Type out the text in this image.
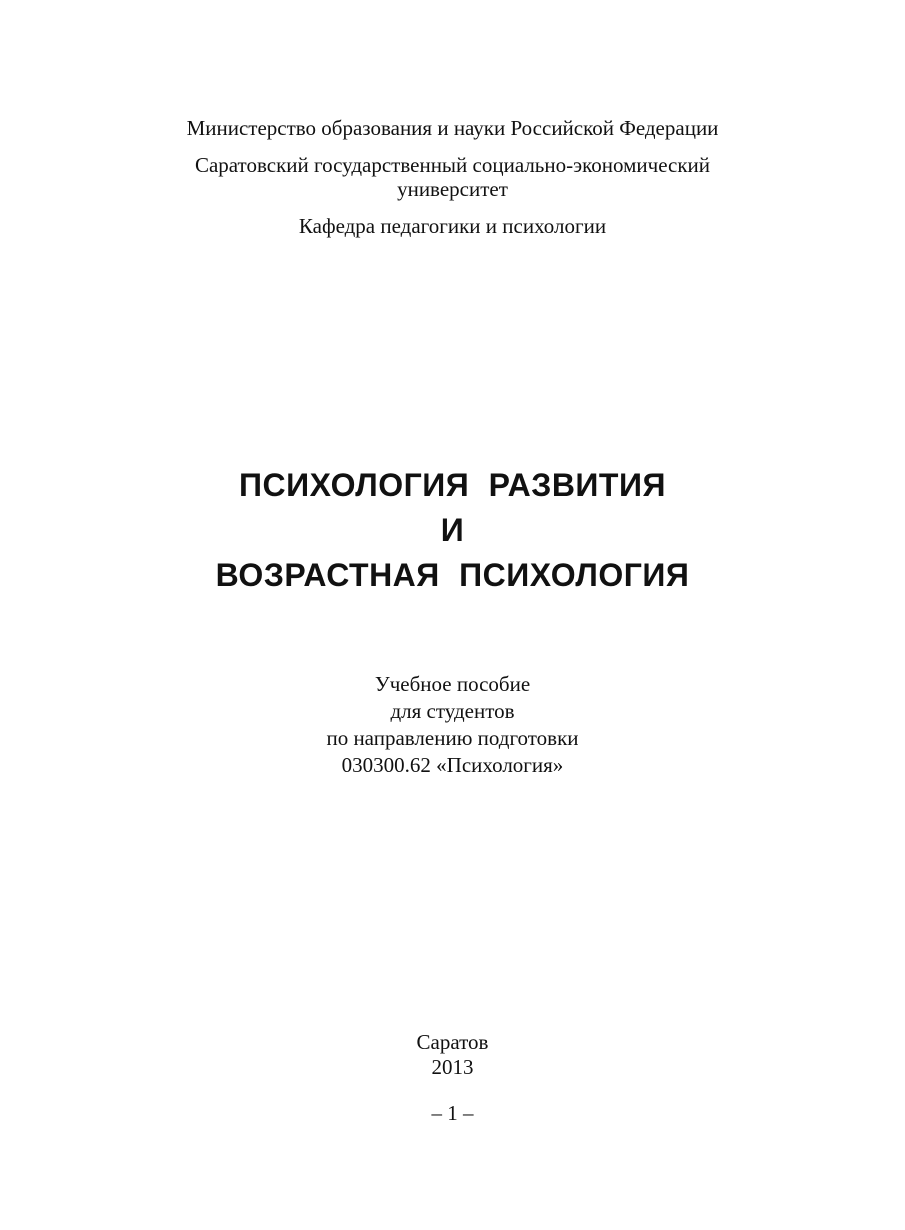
Министерство образования и науки Российской Федерации
Саратовский государственный социально-экономический
университет
Кафедра педагогики и психологии
ПСИХОЛОГИЯ РАЗВИТИЯ
И
ВОЗРАСТНАЯ ПСИХОЛОГИЯ
Учебное пособие
для студентов
по направлению подготовки
030300.62 «Психология»
Саратов
2013
– 1 –
